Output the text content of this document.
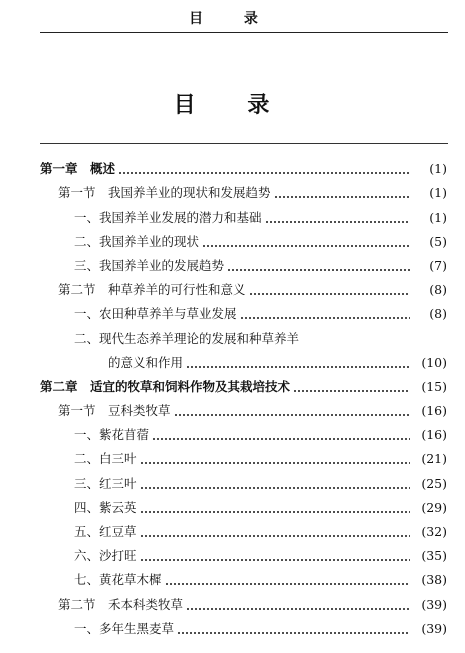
目 录
目 录
第一章　概述	(1)
第一节　我国养羊业的现状和发展趋势	(1)
一、我国养羊业发展的潜力和基础	(1)
二、我国养羊业的现状	(5)
三、我国养羊业的发展趋势	(7)
第二节　种草养羊的可行性和意义	(8)
一、农田种草养羊与草业发展	(8)
二、现代生态养羊理论的发展和种草养羊
的意义和作用	(10)
第二章　适宜的牧草和饲料作物及其栽培技术	(15)
第一节　豆科类牧草	(16)
一、紫花苜蓿	(16)
二、白三叶	(21)
三、红三叶	(25)
四、紫云英	(29)
五、红豆草	(32)
六、沙打旺	(35)
七、黄花草木樨	(38)
第二节　禾本科类牧草	(39)
一、多年生黑麦草	(39)
